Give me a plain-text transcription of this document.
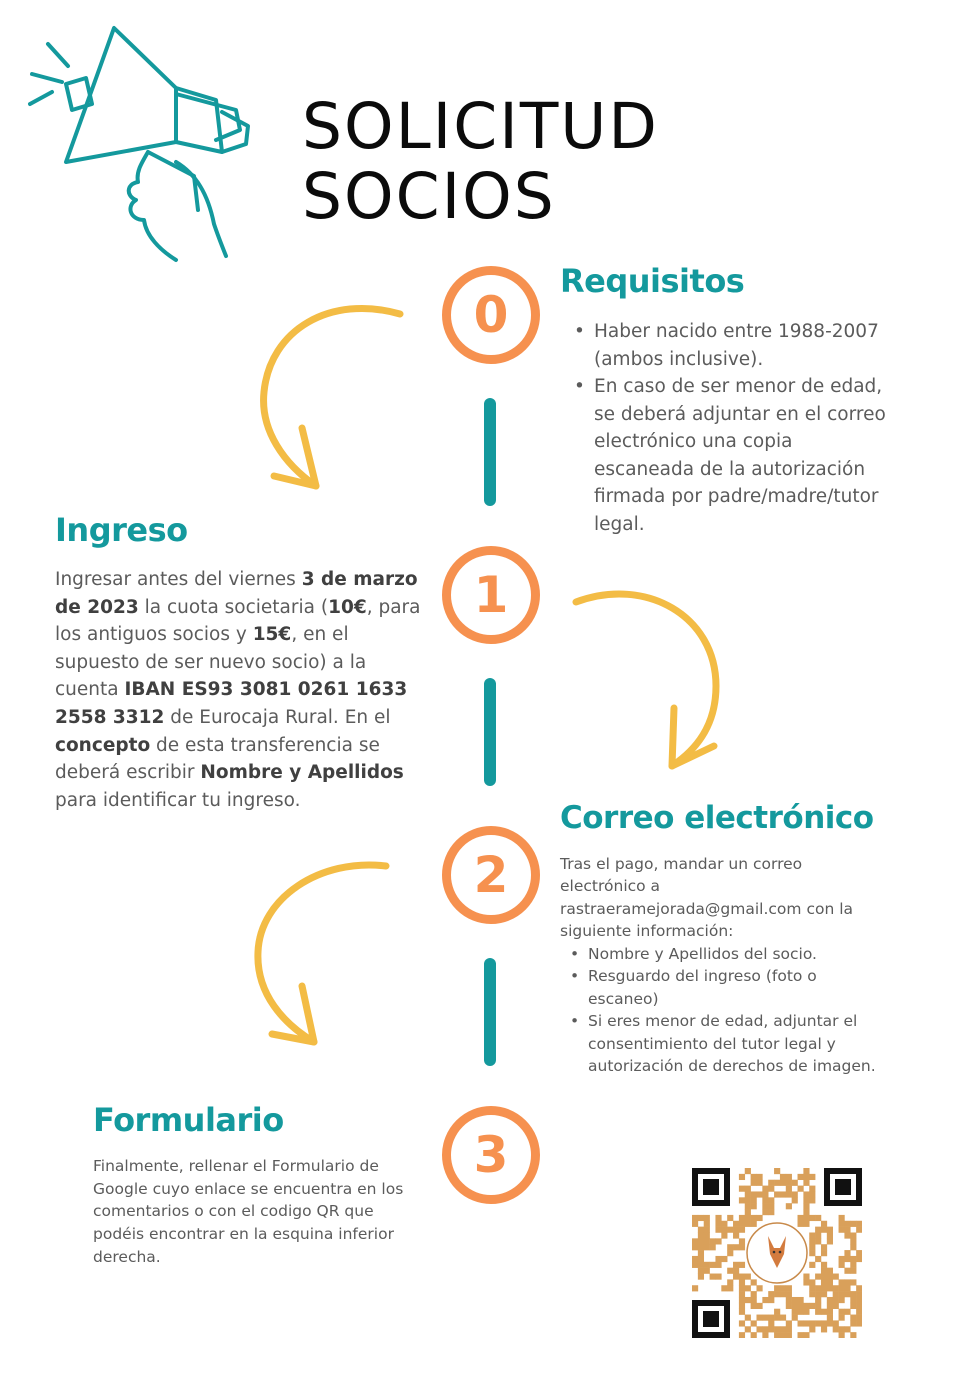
SOLICITUD
SOCIOS
0
1
2
3
Requisitos
• Haber nacido entre 1988-2007 (ambos inclusive).
• En caso de ser menor de edad, se deberá adjuntar en el correo electrónico una copia escaneada de la autorización firmada por padre/madre/tutor legal.
Ingreso

Ingresar antes del viernes 3 de marzo de 2023 la cuota societaria (10€, para los antiguos socios y 15€, en el supuesto de ser nuevo socio) a la cuenta IBAN ES93 3081 0261 1633 2558 3312 de Eurocaja Rural. En el concepto de esta transferencia se deberá escribir Nombre y Apellidos para identificar tu ingreso.	Correo electrónico

Tras el pago, mandar un correo electrónico a rastraeramejorada@gmail.com con la siguiente información:

• Nombre y Apellidos del socio.
• Resguardo del ingreso (foto o escaneo)
• Si eres menor de edad, adjuntar el consentimiento del tutor legal y autorización de derechos de imagen.
Formulario

Finalmente, rellenar el Formulario de Google cuyo enlace se encuentra en los comentarios o con el codigo QR que podéis encontrar en la esquina inferior derecha.
